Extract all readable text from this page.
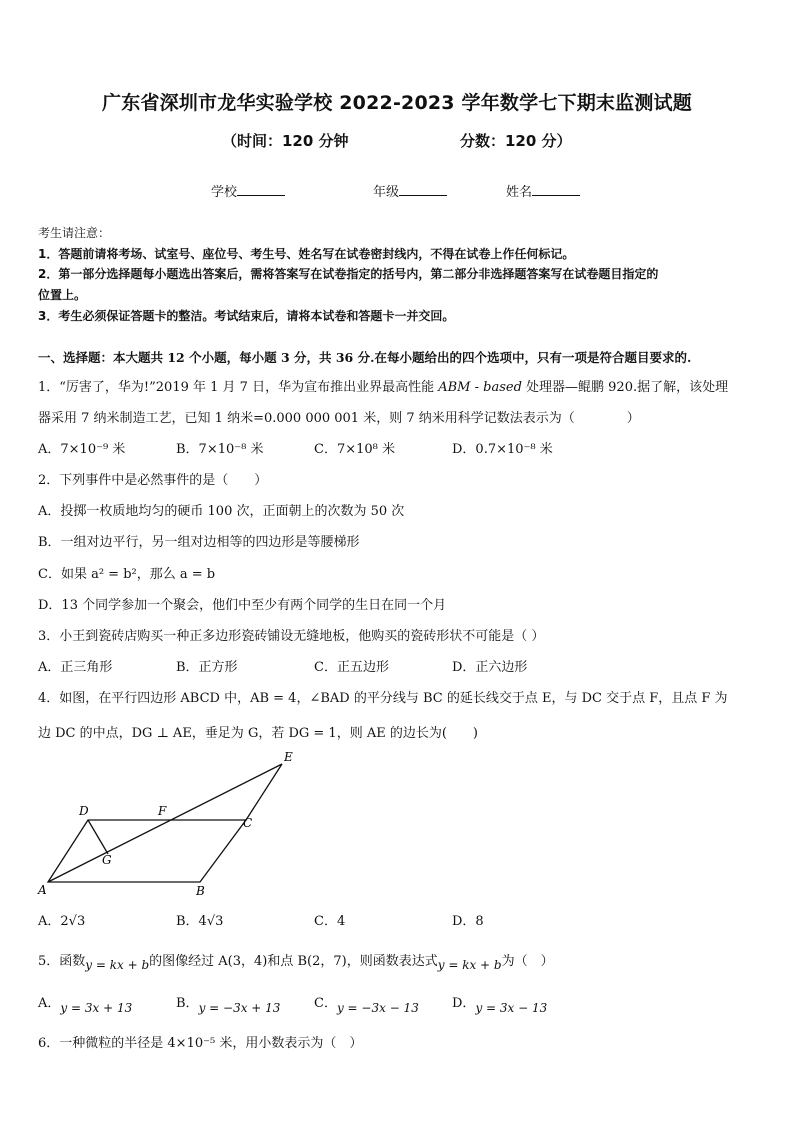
广东省深圳市龙华实验学校 2022-2023 学年数学七下期末监测试题
（时间：120 分钟	分数：120 分）
学校	年级	姓名
考生请注意：
1．答题前请将考场、试室号、座位号、考生号、姓名写在试卷密封线内，不得在试卷上作任何标记。
2．第一部分选择题每小题选出答案后，需将答案写在试卷指定的括号内，第二部分非选择题答案写在试卷题目指定的
位置上。
3．考生必须保证答题卡的整洁。考试结束后，请将本试卷和答题卡一并交回。
一、选择题：本大题共 12 个小题，每小题 3 分，共 36 分.在每小题给出的四个选项中，只有一项是符合题目要求的.
1．“厉害了，华为!”2019 年 1 月 7 日，华为宣布推出业界最高性能 ABM - based 处理器—鲲鹏 920.据了解，该处理
器采用 7 纳米制造工艺，已知 1 纳米=0.000 000 001 米，则 7 纳米用科学记数法表示为（　　　　）
A．7×10⁻⁹ 米	B．7×10⁻⁸ 米	C．7×10⁸ 米	D．0.7×10⁻⁸ 米
2．下列事件中是必然事件的是（　　）
A．投掷一枚质地均匀的硬币 100 次，正面朝上的次数为 50 次
B．一组对边平行，另一组对边相等的四边形是等腰梯形
C．如果 a² = b²，那么 a = b
D．13 个同学参加一个聚会，他们中至少有两个同学的生日在同一个月
3．小王到瓷砖店购买一种正多边形瓷砖铺设无缝地板，他购买的瓷砖形状不可能是（ ）
A．正三角形	B．正方形	C．正五边形	D．正六边形
4．如图，在平行四边形 ABCD 中，AB = 4，∠BAD 的平分线与 BC 的延长线交于点 E，与 DC 交于点 F，且点 F 为
边 DC 的中点，DG ⊥ AE，垂足为 G，若 DG = 1，则 AE 的边长为(　　)
E
D	F
C
G
A	B
A．2√3	B．4√3	C．4	D．8
5．函数y = kx + b的图像经过 A(3，4)和点 B(2，7)，则函数表达式y = kx + b为（　）
A．y = 3x + 13	B．y = −3x + 13	C．y = −3x − 13	D．y = 3x − 13
6．一种微粒的半径是 4×10⁻⁵ 米，用小数表示为（　）
